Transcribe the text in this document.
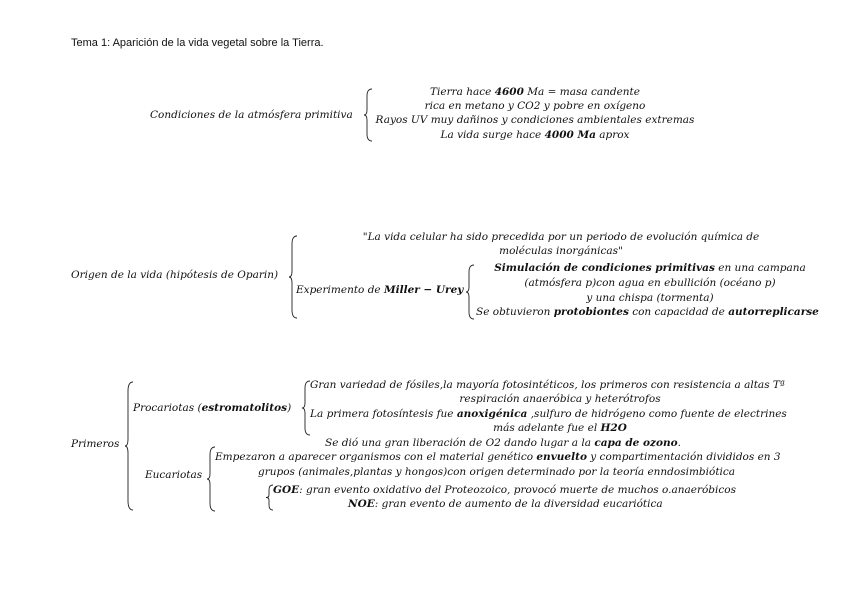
Tema 1: Aparición de la vida vegetal sobre la Tierra.
Condiciones de la atmósfera primitiva
Tierra hace 4600 Ma = masa candente
rica en metano y CO2 y pobre en oxígeno
Rayos UV muy dañinos y condiciones ambientales extremas
La vida surge hace 4000 Ma aprox
Origen de la vida (hipótesis de Oparin)
"La vida celular ha sido precedida por un periodo de evolución química de
moléculas inorgánicas"
Experimento de Miller − Urey
Simulación de condiciones primitivas en una campana
(atmósfera p)con agua en ebullición (océano p)
y una chispa (tormenta)
Se obtuvieron protobiontes con capacidad de autorreplicarse
Primeros
Procariotas (estromatolitos)
Gran variedad de fósiles,la mayoría fotosintéticos, los primeros con resistencia a altas Tª
respiración anaeróbica y heterótrofos
La primera fotosíntesis fue anoxigénica ,sulfuro de hidrógeno como fuente de electrines
más adelante fue el H2O
Se dió una gran liberación de O2 dando lugar a la capa de ozono.
Eucariotas
Empezaron a aparecer organismos con el material genético envuelto y compartimentación divididos en 3
grupos (animales,plantas y hongos)con origen determinado por la teoría enndosimbiótica
GOE: gran evento oxidativo del Proteozoico, provocó muerte de muchos o.anaeróbicos
NOE: gran evento de aumento de la diversidad eucariótica
